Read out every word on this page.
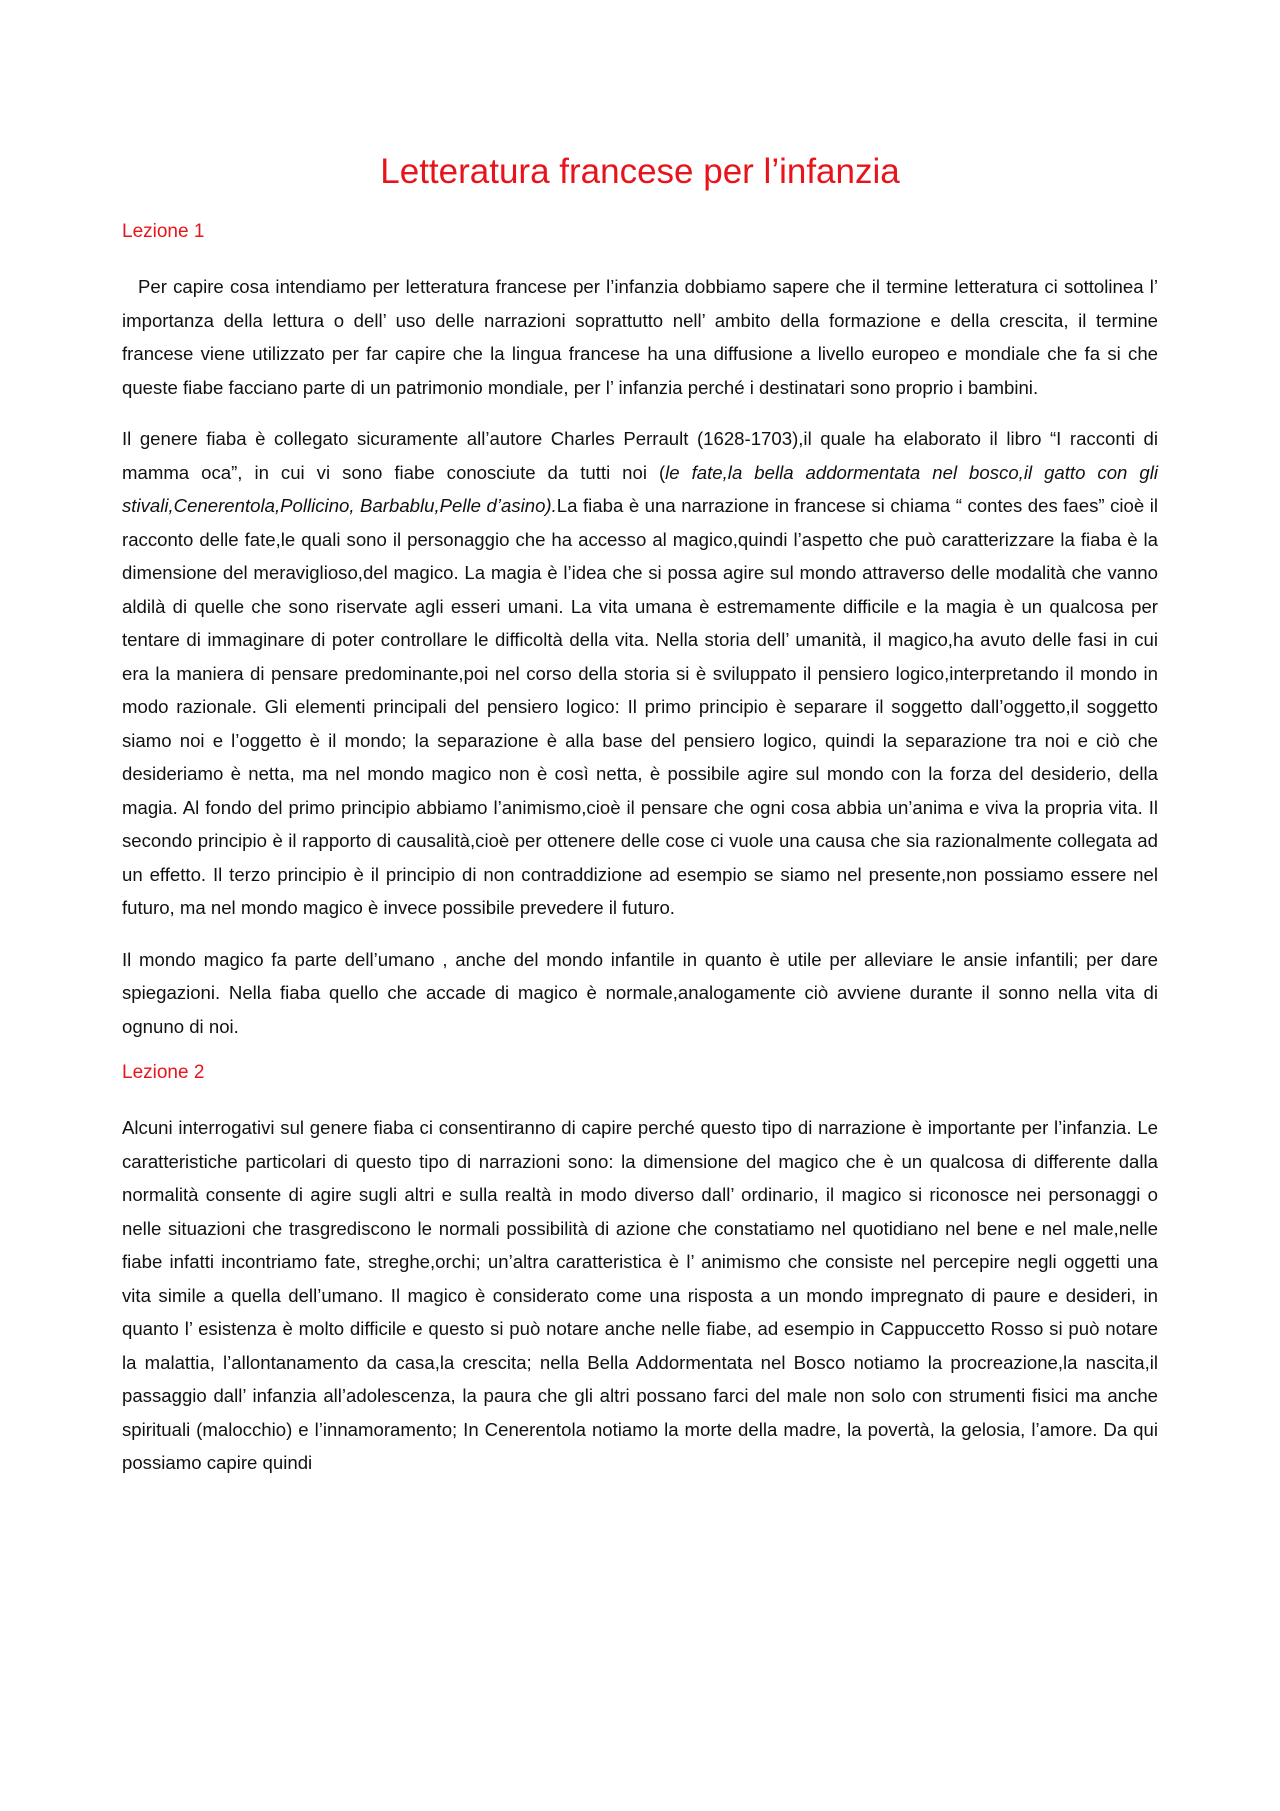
Letteratura francese per l’infanzia
Lezione 1

Per capire cosa intendiamo per letteratura francese per l’infanzia dobbiamo sapere che il termine letteratura ci sottolinea l’ importanza della lettura o dell’ uso delle narrazioni soprattutto nell’ ambito della formazione e della crescita, il termine francese viene utilizzato per far capire che la lingua francese ha una diffusione a livello europeo e mondiale che fa si che queste fiabe facciano parte di un patrimonio mondiale, per l’ infanzia perché i destinatari sono proprio i bambini.

Il genere fiaba è collegato sicuramente all’autore Charles Perrault (1628-1703),il quale ha elaborato il libro “I racconti di mamma oca”, in cui vi sono fiabe conosciute da tutti noi (le fate,la bella addormentata nel bosco,il gatto con gli stivali,Cenerentola,Pollicino, Barbablu,Pelle d’asino).La fiaba è una narrazione in francese si chiama “ contes des faes” cioè il racconto delle fate,le quali sono il personaggio che ha accesso al magico,quindi l’aspetto che può caratterizzare la fiaba è la dimensione del meraviglioso,del magico. La magia è l’idea che si possa agire sul mondo attraverso delle modalità che vanno aldilà di quelle che sono riservate agli esseri umani. La vita umana è estremamente difficile e la magia è un qualcosa per tentare di immaginare di poter controllare le difficoltà della vita. Nella storia dell’ umanità, il magico,ha avuto delle fasi in cui era la maniera di pensare predominante,poi nel corso della storia si è sviluppato il pensiero logico,interpretando il mondo in modo razionale. Gli elementi principali del pensiero logico: Il primo principio è separare il soggetto dall’oggetto,il soggetto siamo noi e l’oggetto è il mondo; la separazione è alla base del pensiero logico, quindi la separazione tra noi e ciò che desideriamo è netta, ma nel mondo magico non è così netta, è possibile agire sul mondo con la forza del desiderio, della magia. Al fondo del primo principio abbiamo l’animismo,cioè il pensare che ogni cosa abbia un’anima e viva la propria vita. Il secondo principio è il rapporto di causalità,cioè per ottenere delle cose ci vuole una causa che sia razionalmente collegata ad un effetto. Il terzo principio è il principio di non contraddizione ad esempio se siamo nel presente,non possiamo essere nel futuro, ma nel mondo magico è invece possibile prevedere il futuro.

Il mondo magico fa parte dell’umano , anche del mondo infantile in quanto è utile per alleviare le ansie infantili; per dare spiegazioni. Nella fiaba quello che accade di magico è normale,analogamente ciò avviene durante il sonno nella vita di ognuno di noi.

Lezione 2

Alcuni interrogativi sul genere fiaba ci consentiranno di capire perché questo tipo di narrazione è importante per l’infanzia. Le caratteristiche particolari di questo tipo di narrazioni sono: la dimensione del magico che è un qualcosa di differente dalla normalità consente di agire sugli altri e sulla realtà in modo diverso dall’ ordinario, il magico si riconosce nei personaggi o nelle situazioni che trasgrediscono le normali possibilità di azione che constatiamo nel quotidiano nel bene e nel male,nelle fiabe infatti incontriamo fate, streghe,orchi; un’altra caratteristica è l’ animismo che consiste nel percepire negli oggetti una vita simile a quella dell’umano. Il magico è considerato come una risposta a un mondo impregnato di paure e desideri, in quanto l’ esistenza è molto difficile e questo si può notare anche nelle fiabe, ad esempio in Cappuccetto Rosso si può notare la malattia, l’allontanamento da casa,la crescita; nella Bella Addormentata nel Bosco notiamo la procreazione,la nascita,il passaggio dall’ infanzia all’adolescenza, la paura che gli altri possano farci del male non solo con strumenti fisici ma anche spirituali (malocchio) e l’innamoramento; In Cenerentola notiamo la morte della madre, la povertà, la gelosia, l’amore. Da qui possiamo capire quindi
